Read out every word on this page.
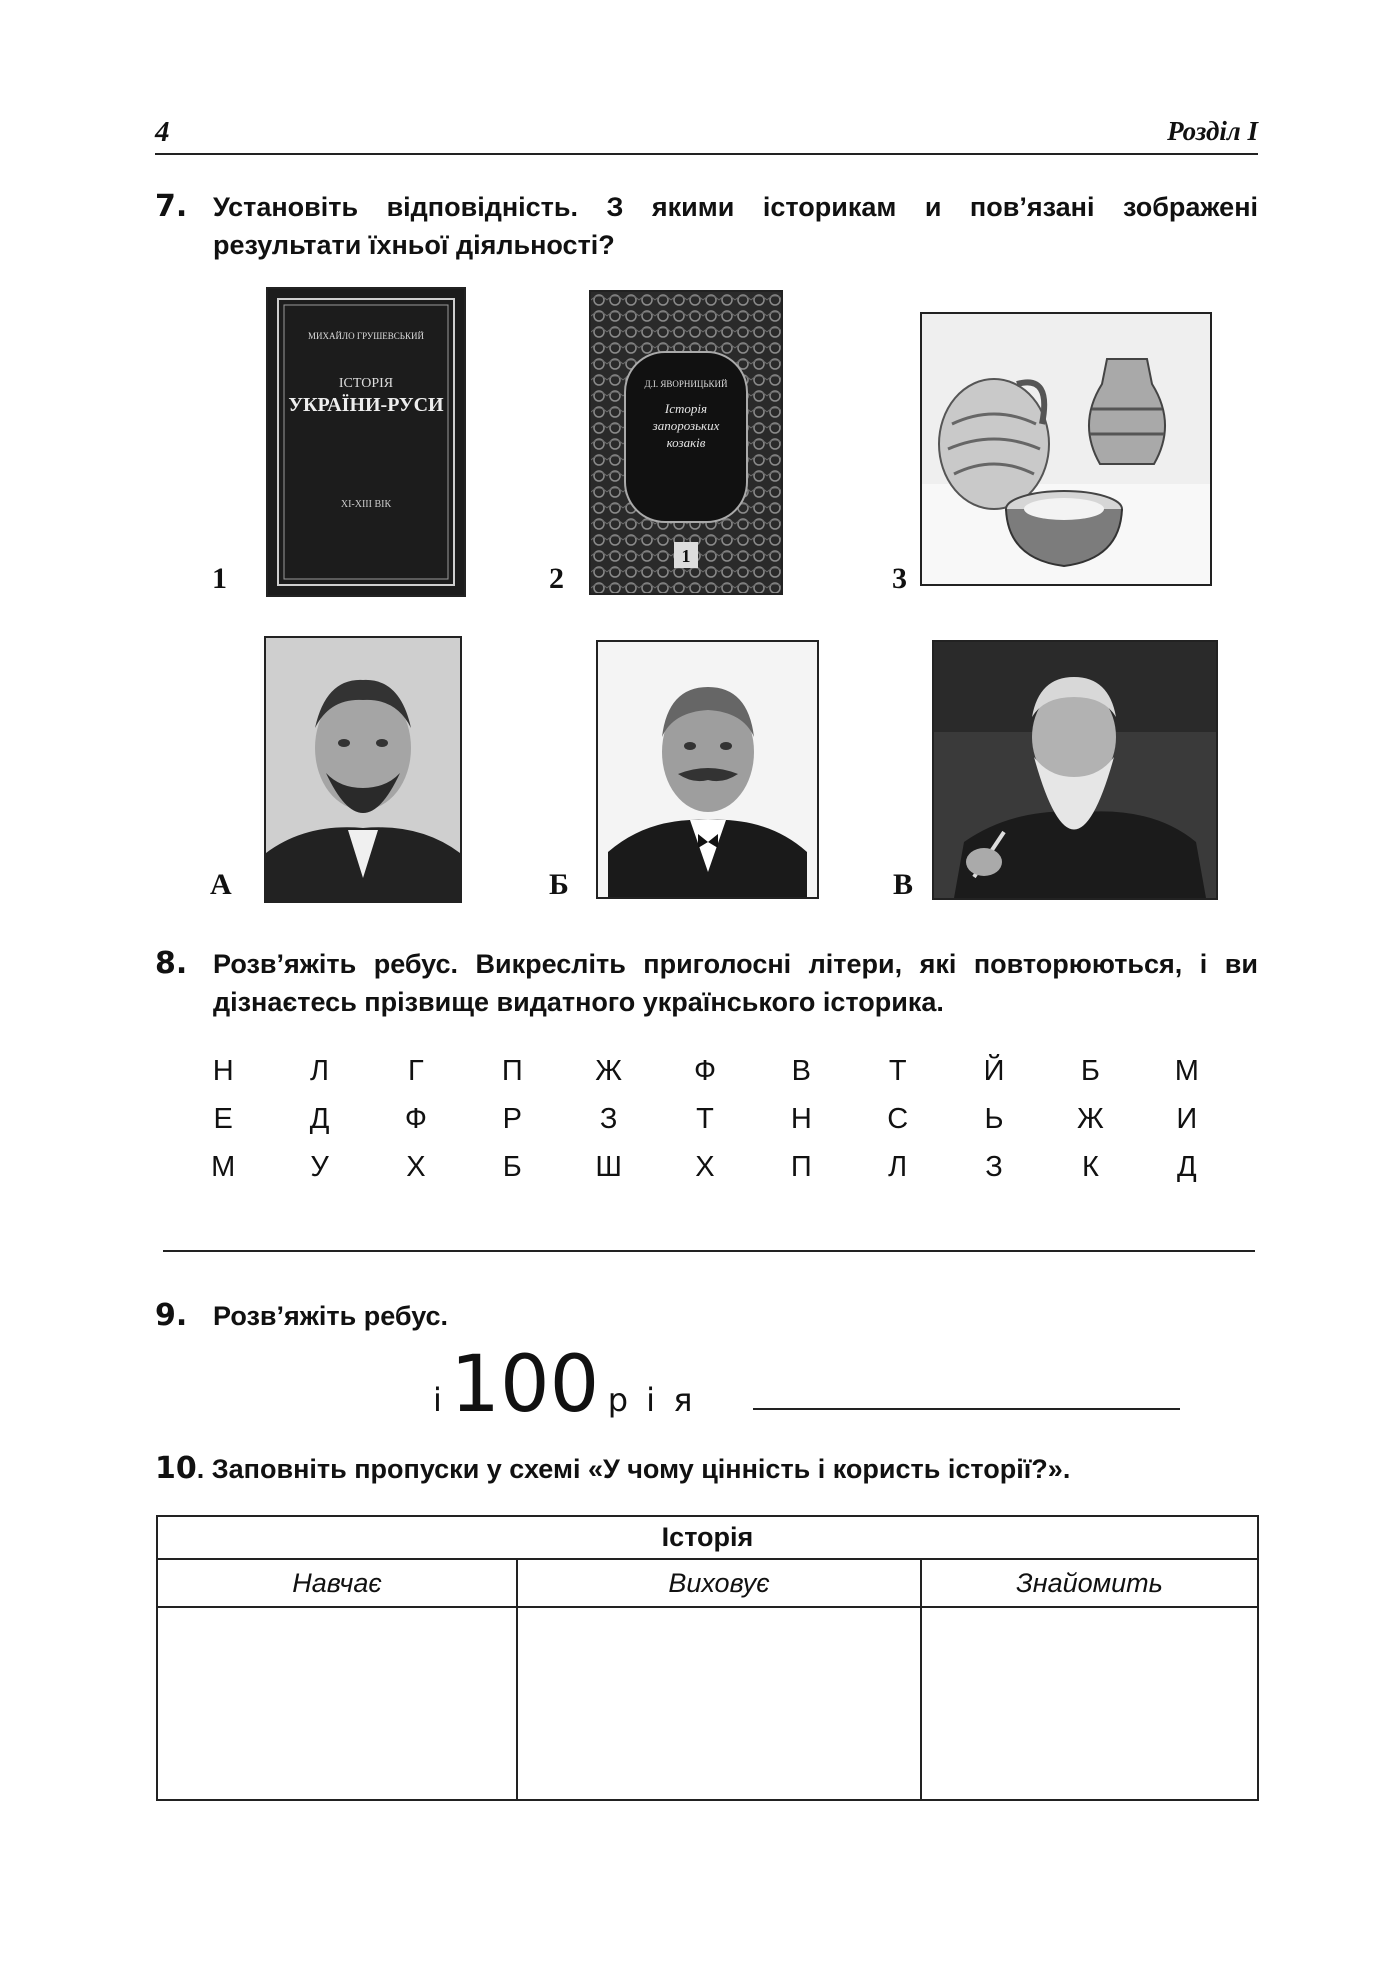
4	Розділ I
7. Установіть відповідність. З якими історикам и пов’язані зображені результати їхньої діяльності?
1
МИХАЙЛО ГРУШЕВСЬКИЙ
ІСТОРІЯ
УКРАЇНИ-РУСИ
XI-XIII ВІК
2
Д.І. ЯВОРНИЦЬКИЙ
Історія запорозьких козаків
1
3
А	Б	В
8. Розв’яжіть ребус. Викресліть приголосні літери, які повторюються, і ви дізнаєтесь прізвище видатного українського історика.
Н	Л	Г	П	Ж	Ф	В	Т	Й	Б	М
Е	Д	Ф	Р	З	Т	Н	С	Ь	Ж	И
М	У	Х	Б	Ш	Х	П	Л	З	К	Д
9. Розв’яжіть ребус.
і 100 р і я
10. Заповніть пропуски у схемі «У чому цінність і користь історії?».
Історія		
Навчає	Виховує	Знайомить
